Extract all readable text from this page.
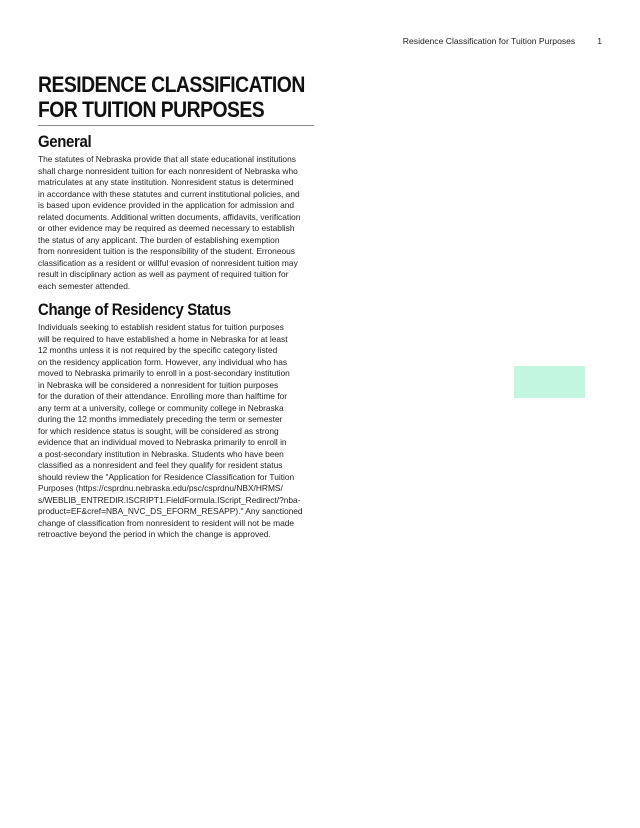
Residence Classification for Tuition Purposes	1
RESIDENCE CLASSIFICATION
FOR TUITION PURPOSES
General

The statutes of Nebraska provide that all state educational institutions
shall charge nonresident tuition for each nonresident of Nebraska who
matriculates at any state institution. Nonresident status is determined
in accordance with these statutes and current institutional policies, and
is based upon evidence provided in the application for admission and
related documents. Additional written documents, affidavits, verification
or other evidence may be required as deemed necessary to establish
the status of any applicant. The burden of establishing exemption
from nonresident tuition is the responsibility of the student. Erroneous
classification as a resident or willful evasion of nonresident tuition may
result in disciplinary action as well as payment of required tuition for
each semester attended.

Change of Residency Status

Individuals seeking to establish resident status for tuition purposes
will be required to have established a home in Nebraska for at least
12 months unless it is not required by the specific category listed
on the residency application form. However, any individual who has
moved to Nebraska primarily to enroll in a post-secondary institution
in Nebraska will be considered a nonresident for tuition purposes
for the duration of their attendance. Enrolling more than halftime for
any term at a university, college or community college in Nebraska
during the 12 months immediately preceding the term or semester
for which residence status is sought, will be considered as strong
evidence that an individual moved to Nebraska primarily to enroll in
a post-secondary institution in Nebraska. Students who have been
classified as a nonresident and feel they qualify for resident status
should review the "Application for Residence Classification for Tuition
Purposes (https://csprdnu.nebraska.edu/psc/csprdnu/NBX/HRMS/
s/WEBLIB_ENTREDIR.ISCRIPT1.FieldFormula.IScript_Redirect/?nba-
product=EF&cref=NBA_NVC_DS_EFORM_RESAPP)." Any sanctioned
change of classification from nonresident to resident will not be made
retroactive beyond the period in which the change is approved.
